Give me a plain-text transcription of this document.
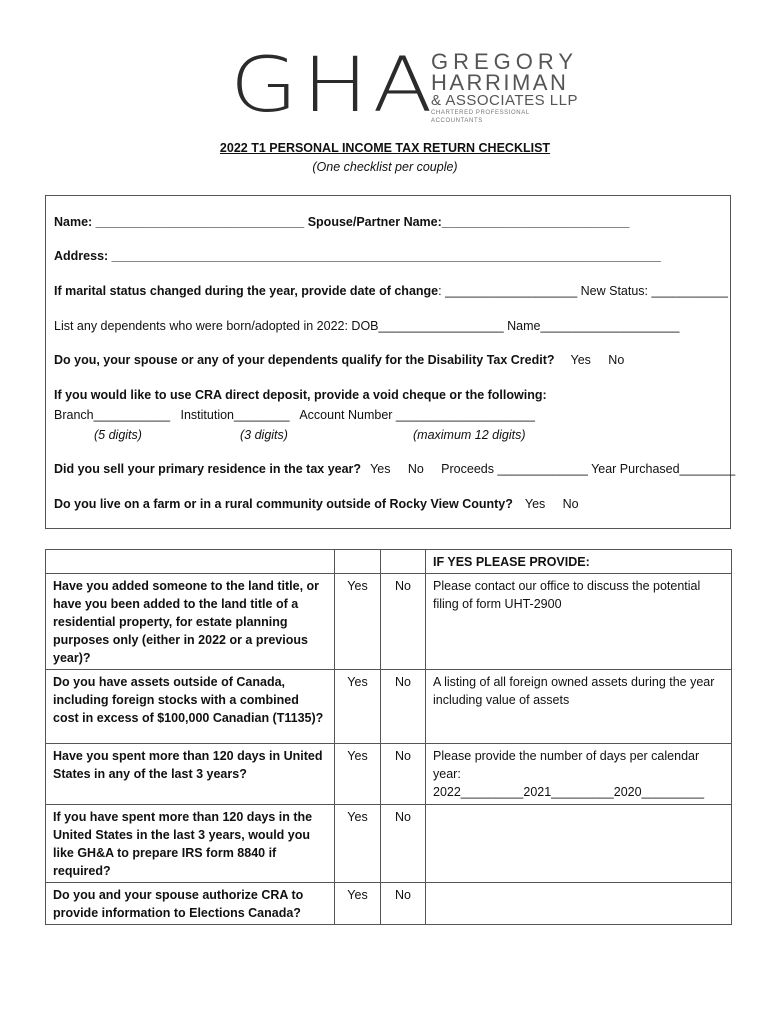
GHA
GREGORY
HARRIMAN
& ASSOCIATES LLP
CHARTERED PROFESSIONAL ACCOUNTANTS
2022 T1 PERSONAL INCOME TAX RETURN CHECKLIST
(One checklist per couple)
Name: ______________________________ Spouse/Partner Name:___________________________
Address: _______________________________________________________________________________
If marital status changed during the year, provide date of change: ___________________ New Status: ___________
List any dependents who were born/adopted in 2022: DOB__________________ Name____________________
Do you, your spouse or any of your dependents qualify for the Disability Tax Credit? Yes     No
If you would like to use CRA direct deposit, provide a void cheque or the following:
Branch___________   Institution________   Account Number ____________________
(5 digits)	(3 digits)	(maximum 12 digits)
Did you sell your primary residence in the tax year? Yes     No     Proceeds _____________ Year Purchased________
Do you live on a farm or in a rural community outside of Rocky View County? Yes     No
			IF YES PLEASE PROVIDE:
Have you added someone to the land title, or have you been added to the land title of a residential property, for estate planning purposes only (either in 2022 or a previous year)?	Yes	No	Please contact our office to discuss the potential filing of form UHT-2900
Do you have assets outside of Canada, including foreign stocks with a combined cost in excess of $100,000 Canadian (T1135)?	Yes	No	A listing of all foreign owned assets during the year including value of assets
Have you spent more than 120 days in United States in any of the last 3 years?	Yes	No	Please provide the number of days per calendar year:
2022_________2021_________2020_________

If you have spent more than 120 days in the United States in the last 3 years, would you like GH&A to prepare IRS form 8840 if required?	Yes	No	
Do you and your spouse authorize CRA to provide information to Elections Canada?	Yes	No	
